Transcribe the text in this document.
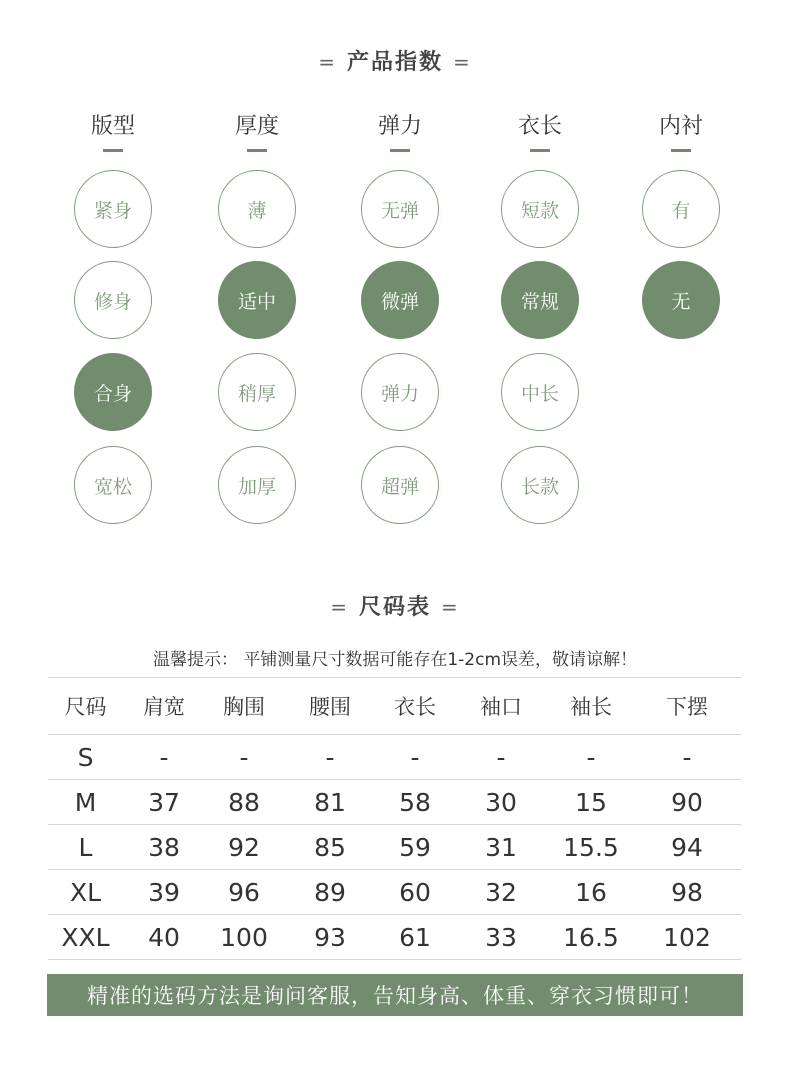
= 产品指数 =
版型
紧身
修身
合身
宽松
厚度
薄
适中
稍厚
加厚
弹力
无弹
微弹
弹力
超弹
衣长
短款
常规
中长
长款
内衬
有
无
= 尺码表 =
温馨提示： 平铺测量尺寸数据可能存在1-2cm误差，敬请谅解！
尺码	肩宽	胸围	腰围	衣长	袖口	袖长	下摆
S	-	-	-	-	-	-	-
M	37	88	81	58	30	15	90
L	38	92	85	59	31	15.5	94
XL	39	96	89	60	32	16	98
XXL	40	100	93	61	33	16.5	102
精准的选码方法是询问客服，告知身高、体重、穿衣习惯即可！
